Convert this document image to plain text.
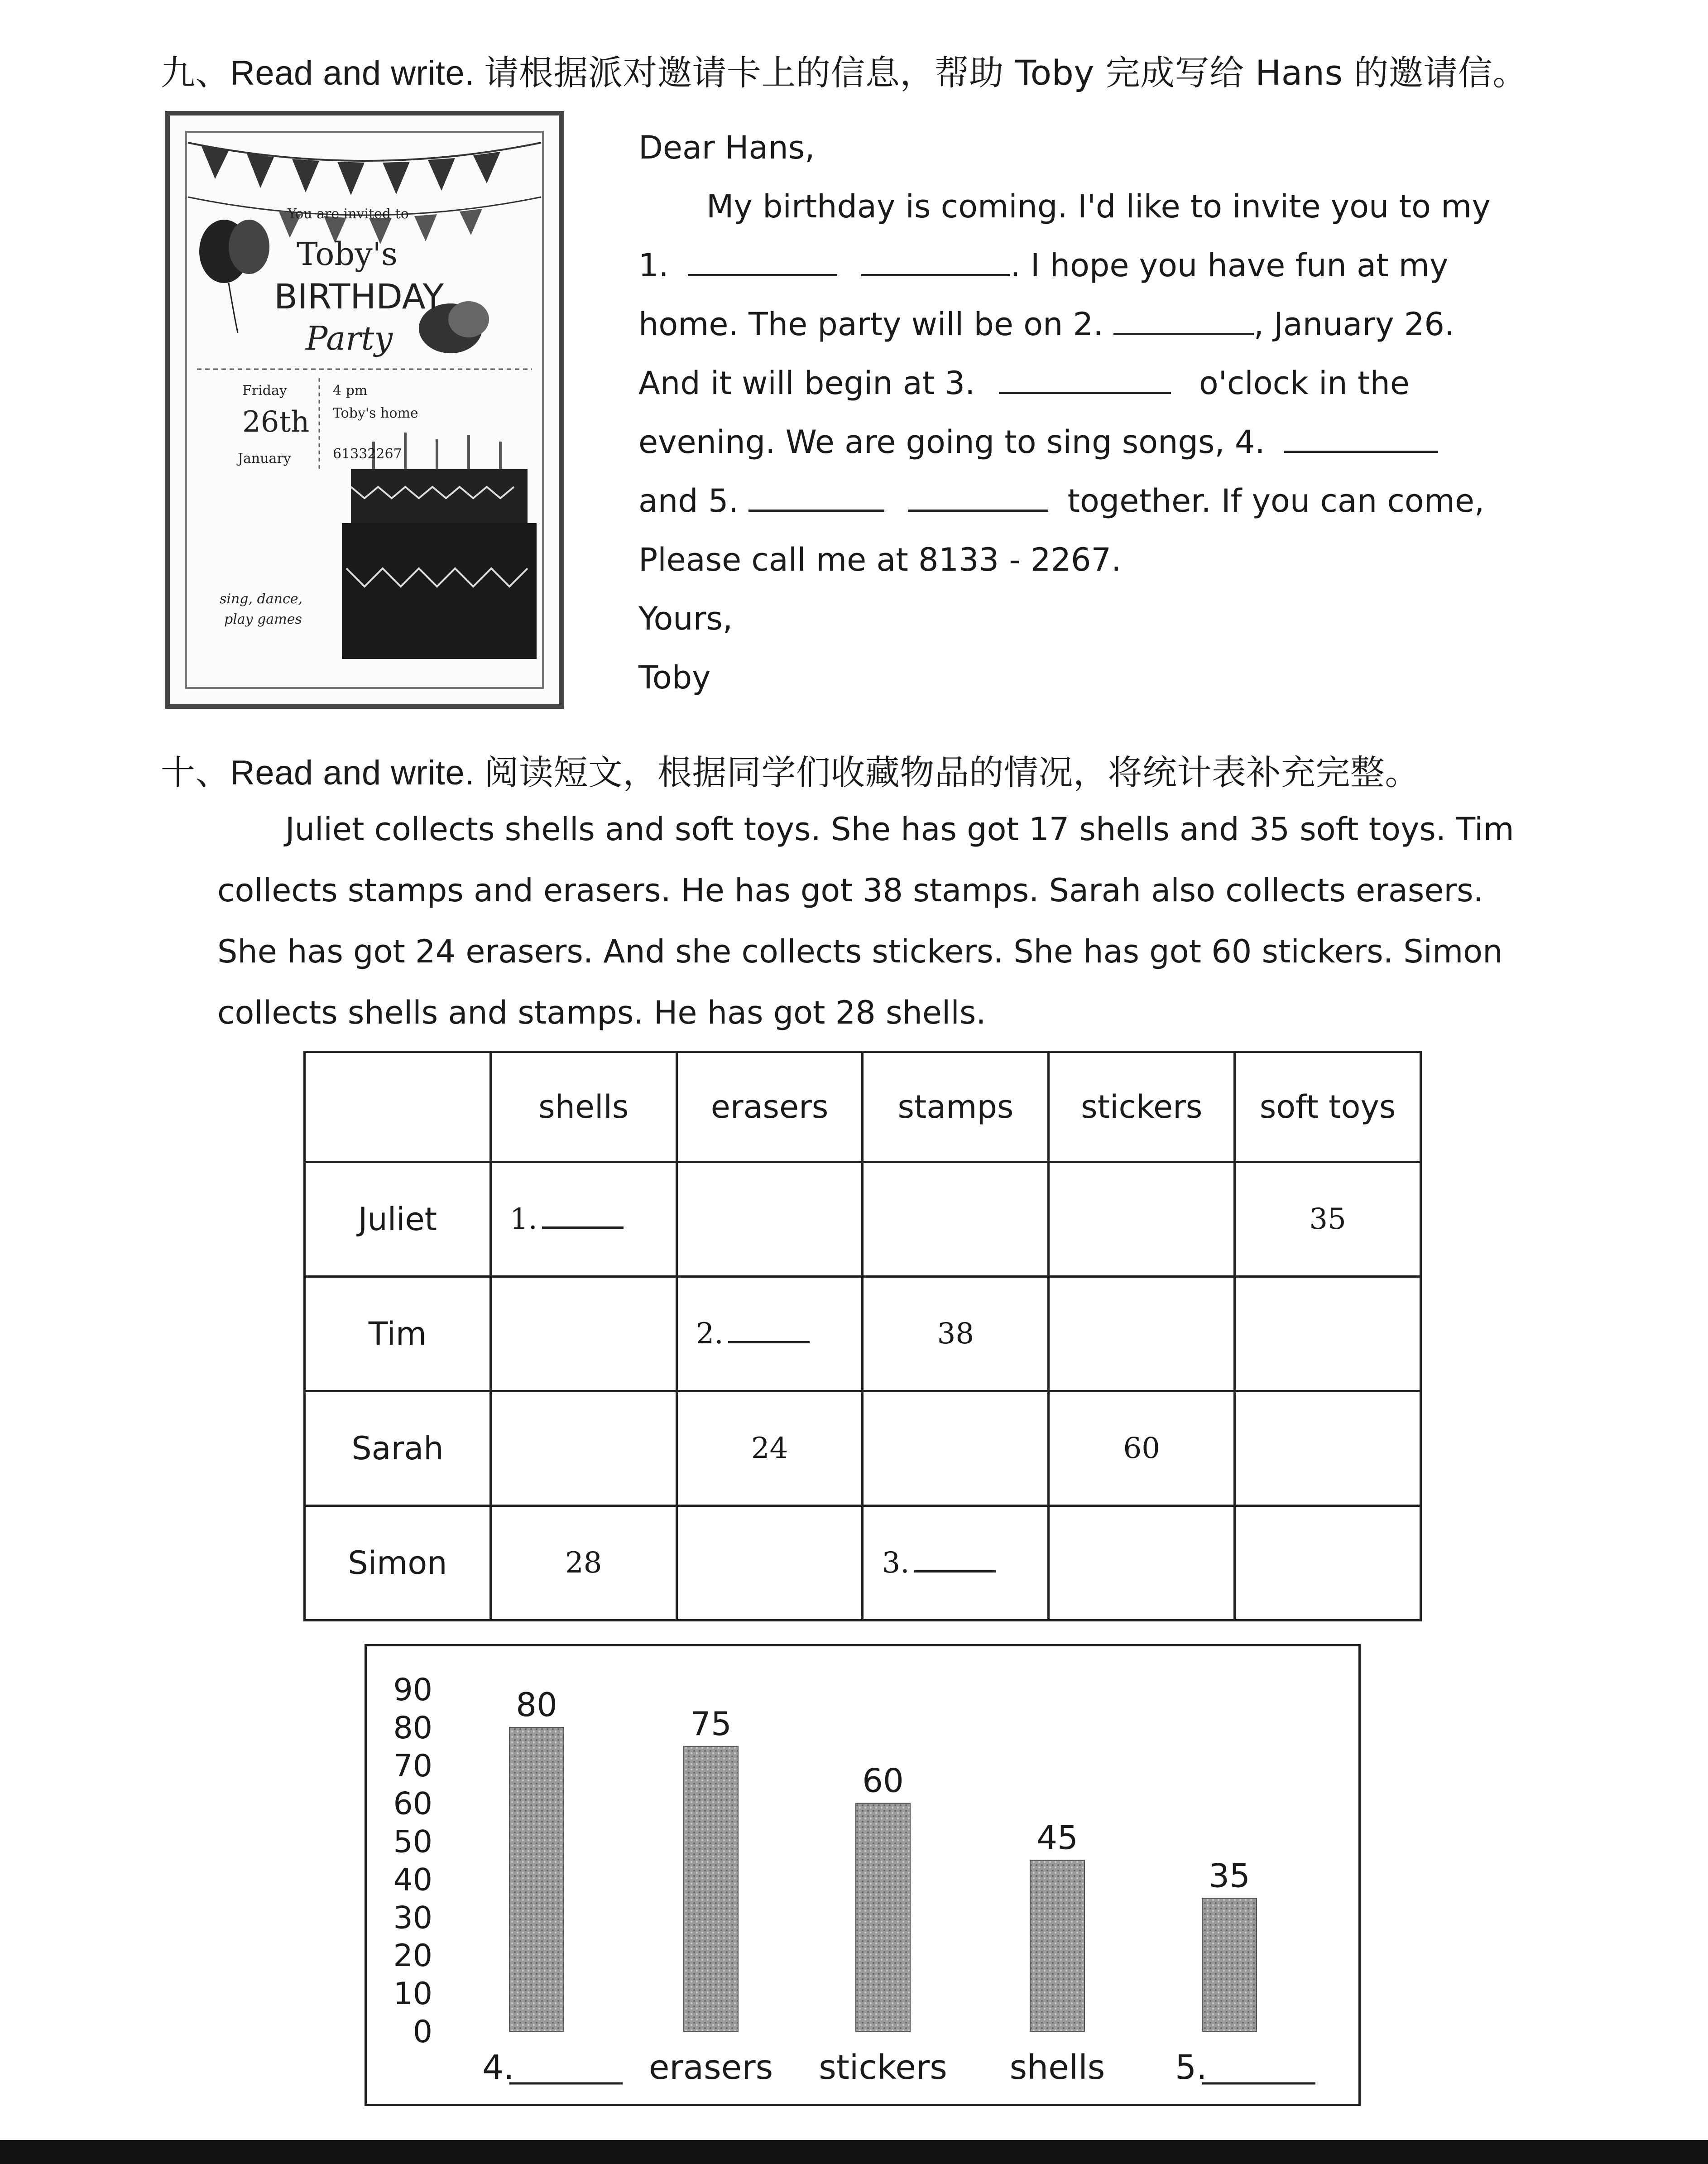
九、Read and write. 请根据派对邀请卡上的信息，帮助 Toby 完成写给 Hans 的邀请信。
You are invited to
Toby's
BIRTHDAY
Party
Friday
26th
January
4 pm
Toby's home
61332267
sing, dance,
play games
Dear Hans,
My birthday is coming. I'd like to invite you to my
1.	. I hope you have fun at my
home. The party will be on 2.	, January 26.
And it will begin at 3.	o'clock in the
evening. We are going to sing songs, 4.
and 5.	together. If you can come,
Please call me at 8133 - 2267.
Yours,
Toby
十、Read and write. 阅读短文，根据同学们收藏物品的情况，将统计表补充完整。
Juliet collects shells and soft toys. She has got 17 shells and 35 soft toys. Tim
collects stamps and erasers. He has got 38 stamps. Sarah also collects erasers.
She has got 24 erasers. And she collects stickers. She has got 60 stickers. Simon
collects shells and stamps. He has got 28 shells.
	shells	erasers	stamps	stickers	soft toys
Juliet	1.				35
Tim		2.	38		
Sarah		24		60	
Simon	28		3.		
0
10
20
30
40
50
60
70
80
90	80
4.
75
erasers
60
stickers
45
shells
35
5.
